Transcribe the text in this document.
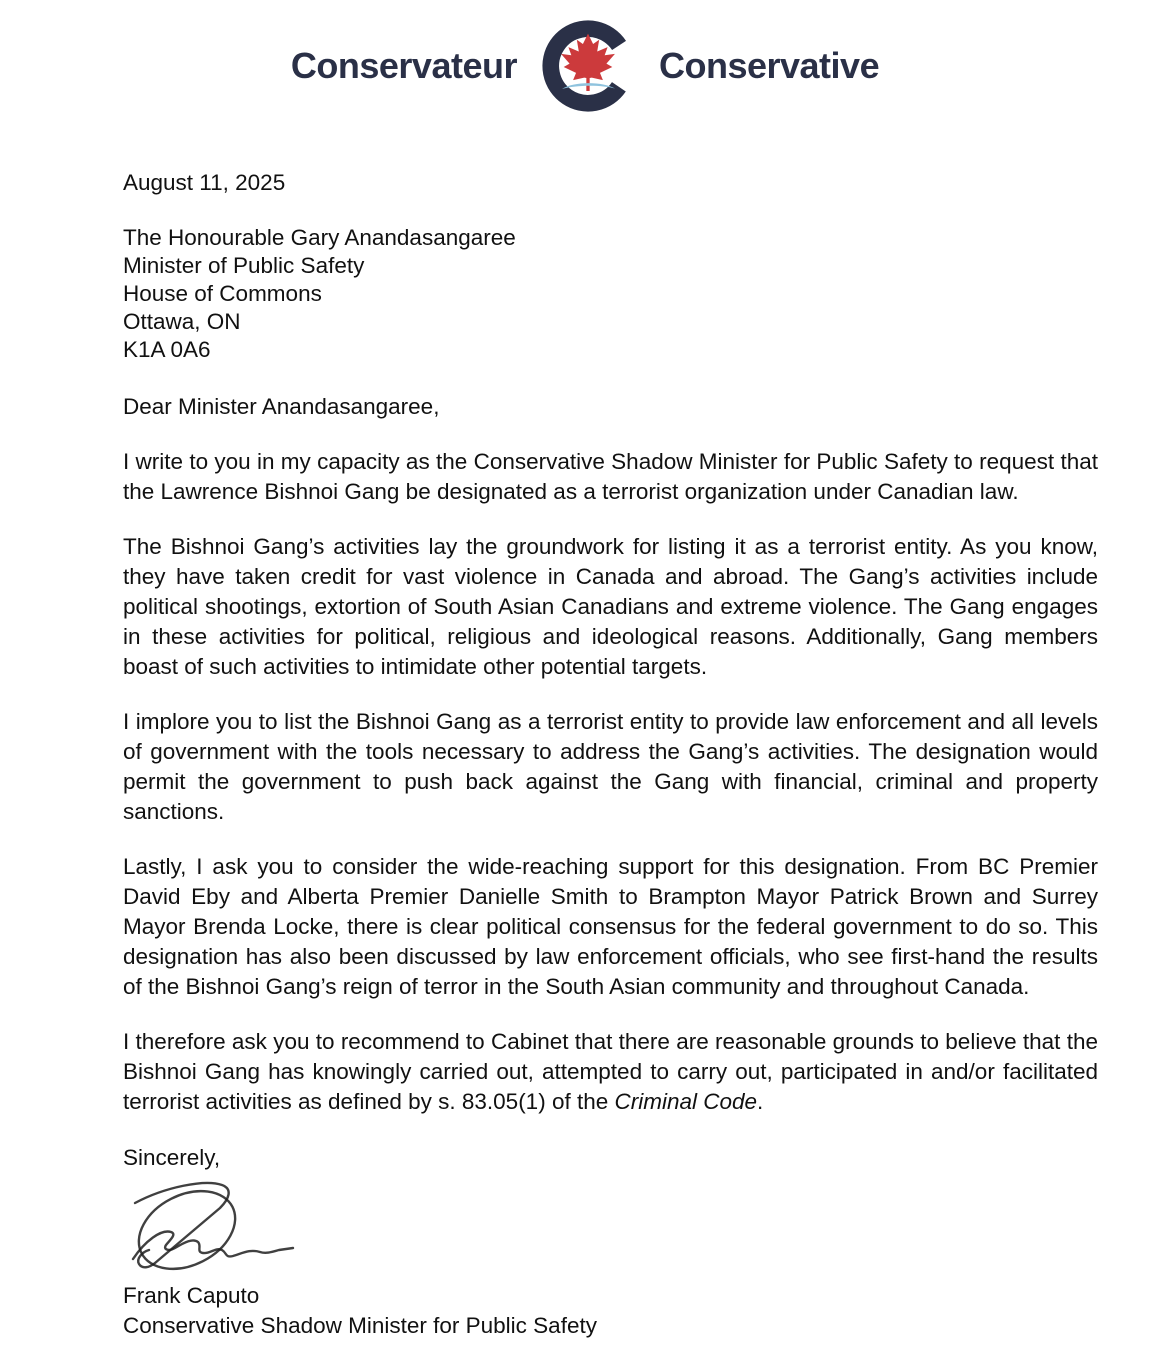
Conservateur	Conservative

August 11, 2025

The Honourable Gary Anandasangaree
Minister of Public Safety
House of Commons
Ottawa, ON
K1A 0A6

Dear Minister Anandasangaree,

I write to you in my capacity as the Conservative Shadow Minister for Public Safety to request that the Lawrence Bishnoi Gang be designated as a terrorist organization under Canadian law.

The Bishnoi Gang’s activities lay the groundwork for listing it as a terrorist entity. As you know, they have taken credit for vast violence in Canada and abroad. The Gang’s activities include political shootings, extortion of South Asian Canadians and extreme violence. The Gang engages in these activities for political, religious and ideological reasons. Additionally, Gang members boast of such activities to intimidate other potential targets.

I implore you to list the Bishnoi Gang as a terrorist entity to provide law enforcement and all levels of government with the tools necessary to address the Gang’s activities. The designation would permit the government to push back against the Gang with financial, criminal and property sanctions.

Lastly, I ask you to consider the wide-reaching support for this designation. From BC Premier David Eby and Alberta Premier Danielle Smith to Brampton Mayor Patrick Brown and Surrey Mayor Brenda Locke, there is clear political consensus for the federal government to do so. This designation has also been discussed by law enforcement officials, who see first-hand the results of the Bishnoi Gang’s reign of terror in the South Asian community and throughout Canada.

I therefore ask you to recommend to Cabinet that there are reasonable grounds to believe that the Bishnoi Gang has knowingly carried out, attempted to carry out, participated in and/or facilitated terrorist activities as defined by s. 83.05(1) of the Criminal Code.

Sincerely,

Frank Caputo
Conservative Shadow Minister for Public Safety
